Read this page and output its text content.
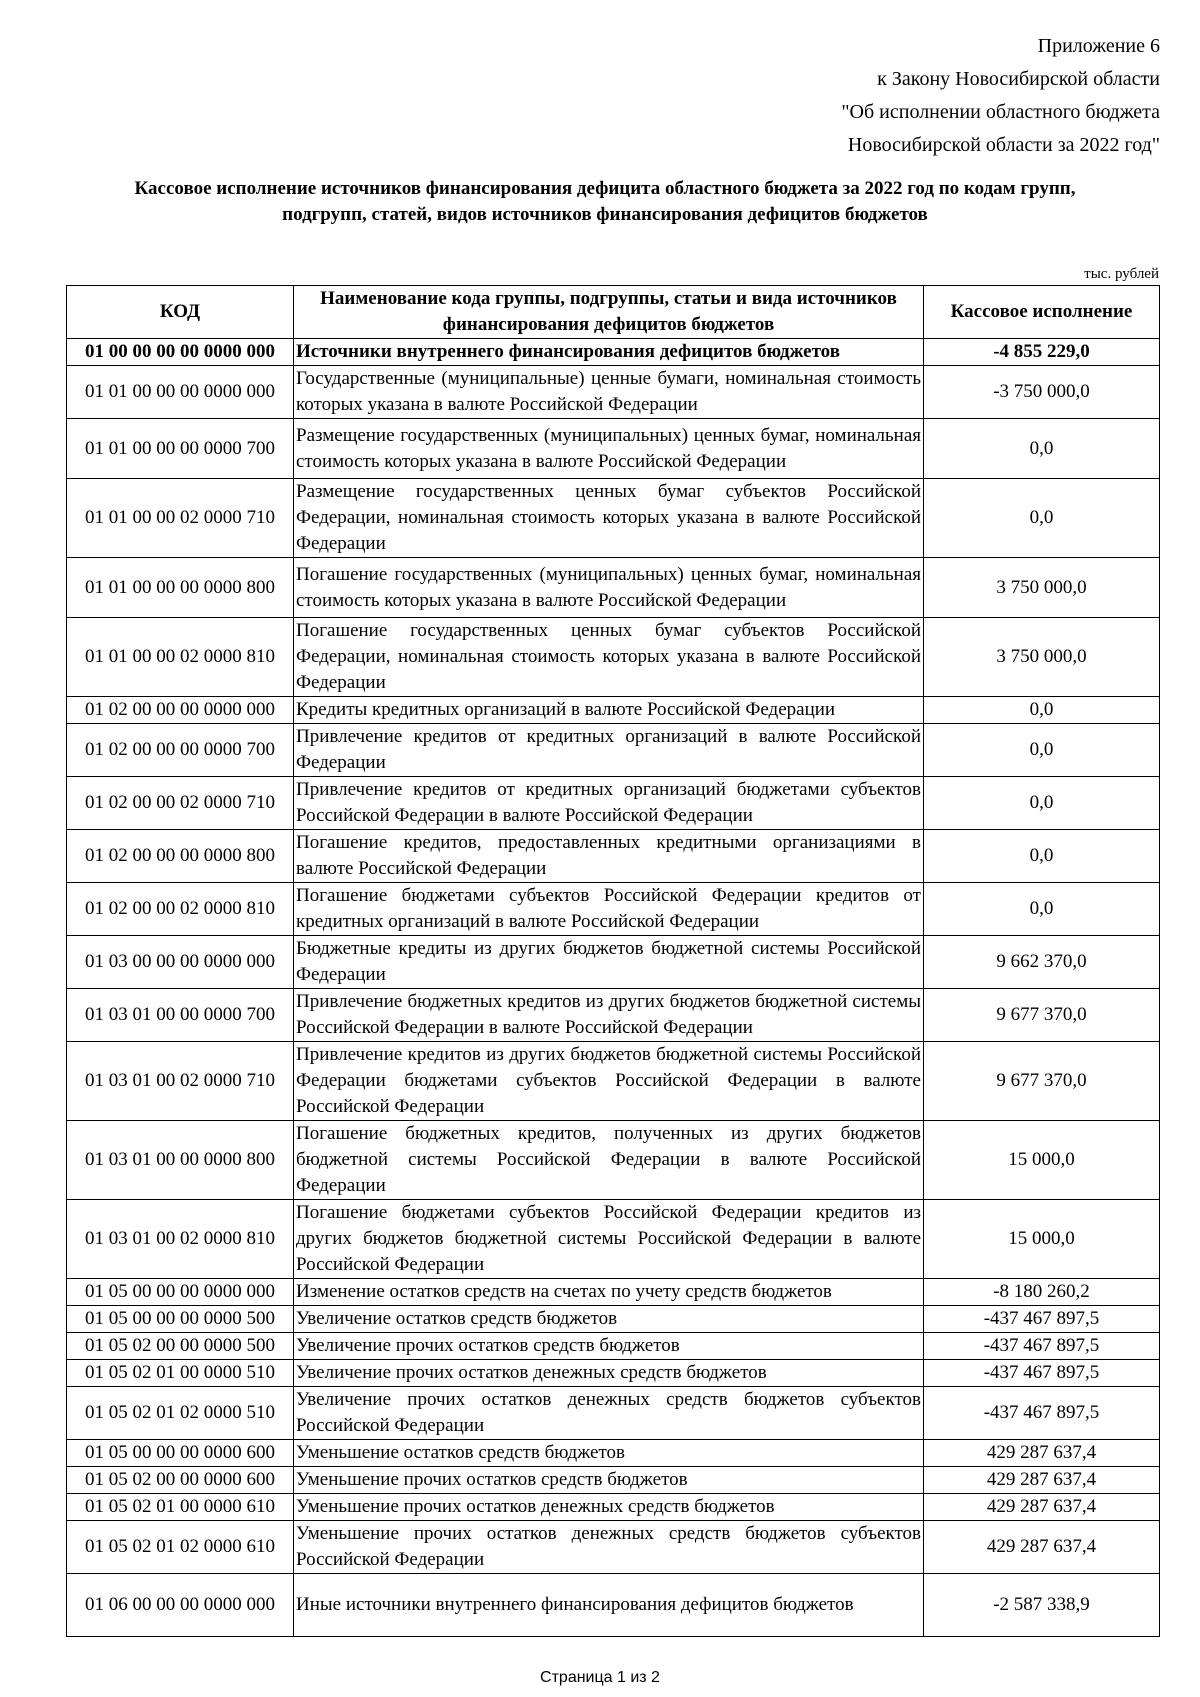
Приложение 6
к Закону Новосибирской области
"Об исполнении областного бюджета
Новосибирской области за 2022 год"
Кассовое исполнение источников финансирования дефицита областного бюджета за 2022 год по кодам групп,
подгрупп, статей, видов источников финансирования дефицитов бюджетов
тыс. рублей
КОД	Наименование кода группы, подгруппы, статьи и вида источников финансирования дефицитов бюджетов	Кассовое исполнение
01 00 00 00 00 0000 000	Источники внутреннего финансирования дефицитов бюджетов	-4 855 229,0
01 01 00 00 00 0000 000	Государственные (муниципальные) ценные бумаги, номинальная стоимость которых указана в валюте Российской Федерации	-3 750 000,0
01 01 00 00 00 0000 700	Размещение государственных (муниципальных) ценных бумаг, номинальная стоимость которых указана в валюте Российской Федерации	0,0
01 01 00 00 02 0000 710	Размещение государственных ценных бумаг субъектов Российской Федерации, номинальная стоимость которых указана в валюте Российской Федерации	0,0
01 01 00 00 00 0000 800	Погашение государственных (муниципальных) ценных бумаг, номинальная стоимость которых указана в валюте Российской Федерации	3 750 000,0
01 01 00 00 02 0000 810	Погашение государственных ценных бумаг субъектов Российской Федерации, номинальная стоимость которых указана в валюте Российской Федерации	3 750 000,0
01 02 00 00 00 0000 000	Кредиты кредитных организаций в валюте Российской Федерации	0,0
01 02 00 00 00 0000 700	Привлечение кредитов от кредитных организаций в валюте Российской Федерации	0,0
01 02 00 00 02 0000 710	Привлечение кредитов от кредитных организаций бюджетами субъектов Российской Федерации в валюте Российской Федерации	0,0
01 02 00 00 00 0000 800	Погашение кредитов, предоставленных кредитными организациями в валюте Российской Федерации	0,0
01 02 00 00 02 0000 810	Погашение бюджетами субъектов Российской Федерации кредитов от кредитных организаций в валюте Российской Федерации	0,0
01 03 00 00 00 0000 000	Бюджетные кредиты из других бюджетов бюджетной системы Российской Федерации	9 662 370,0
01 03 01 00 00 0000 700	Привлечение бюджетных кредитов из других бюджетов бюджетной системы Российской Федерации в валюте Российской Федерации	9 677 370,0
01 03 01 00 02 0000 710	Привлечение кредитов из других бюджетов бюджетной системы Российской Федерации бюджетами субъектов Российской Федерации в валюте Российской Федерации	9 677 370,0
01 03 01 00 00 0000 800	Погашение бюджетных кредитов, полученных из других бюджетов бюджетной системы Российской Федерации в валюте Российской Федерации	15 000,0
01 03 01 00 02 0000 810	Погашение бюджетами субъектов Российской Федерации кредитов из других бюджетов бюджетной системы Российской Федерации в валюте Российской Федерации	15 000,0
01 05 00 00 00 0000 000	Изменение остатков средств на счетах по учету средств бюджетов	-8 180 260,2
01 05 00 00 00 0000 500	Увеличение остатков средств бюджетов	-437 467 897,5
01 05 02 00 00 0000 500	Увеличение прочих остатков средств бюджетов	-437 467 897,5
01 05 02 01 00 0000 510	Увеличение прочих остатков денежных средств бюджетов	-437 467 897,5
01 05 02 01 02 0000 510	Увеличение прочих остатков денежных средств бюджетов субъектов Российской Федерации	-437 467 897,5
01 05 00 00 00 0000 600	Уменьшение остатков средств бюджетов	429 287 637,4
01 05 02 00 00 0000 600	Уменьшение прочих остатков средств бюджетов	429 287 637,4
01 05 02 01 00 0000 610	Уменьшение прочих остатков денежных средств бюджетов	429 287 637,4
01 05 02 01 02 0000 610	Уменьшение прочих остатков денежных средств бюджетов субъектов Российской Федерации	429 287 637,4
01 06 00 00 00 0000 000	Иные источники внутреннего финансирования дефицитов бюджетов	-2 587 338,9
Страница 1 из 2
